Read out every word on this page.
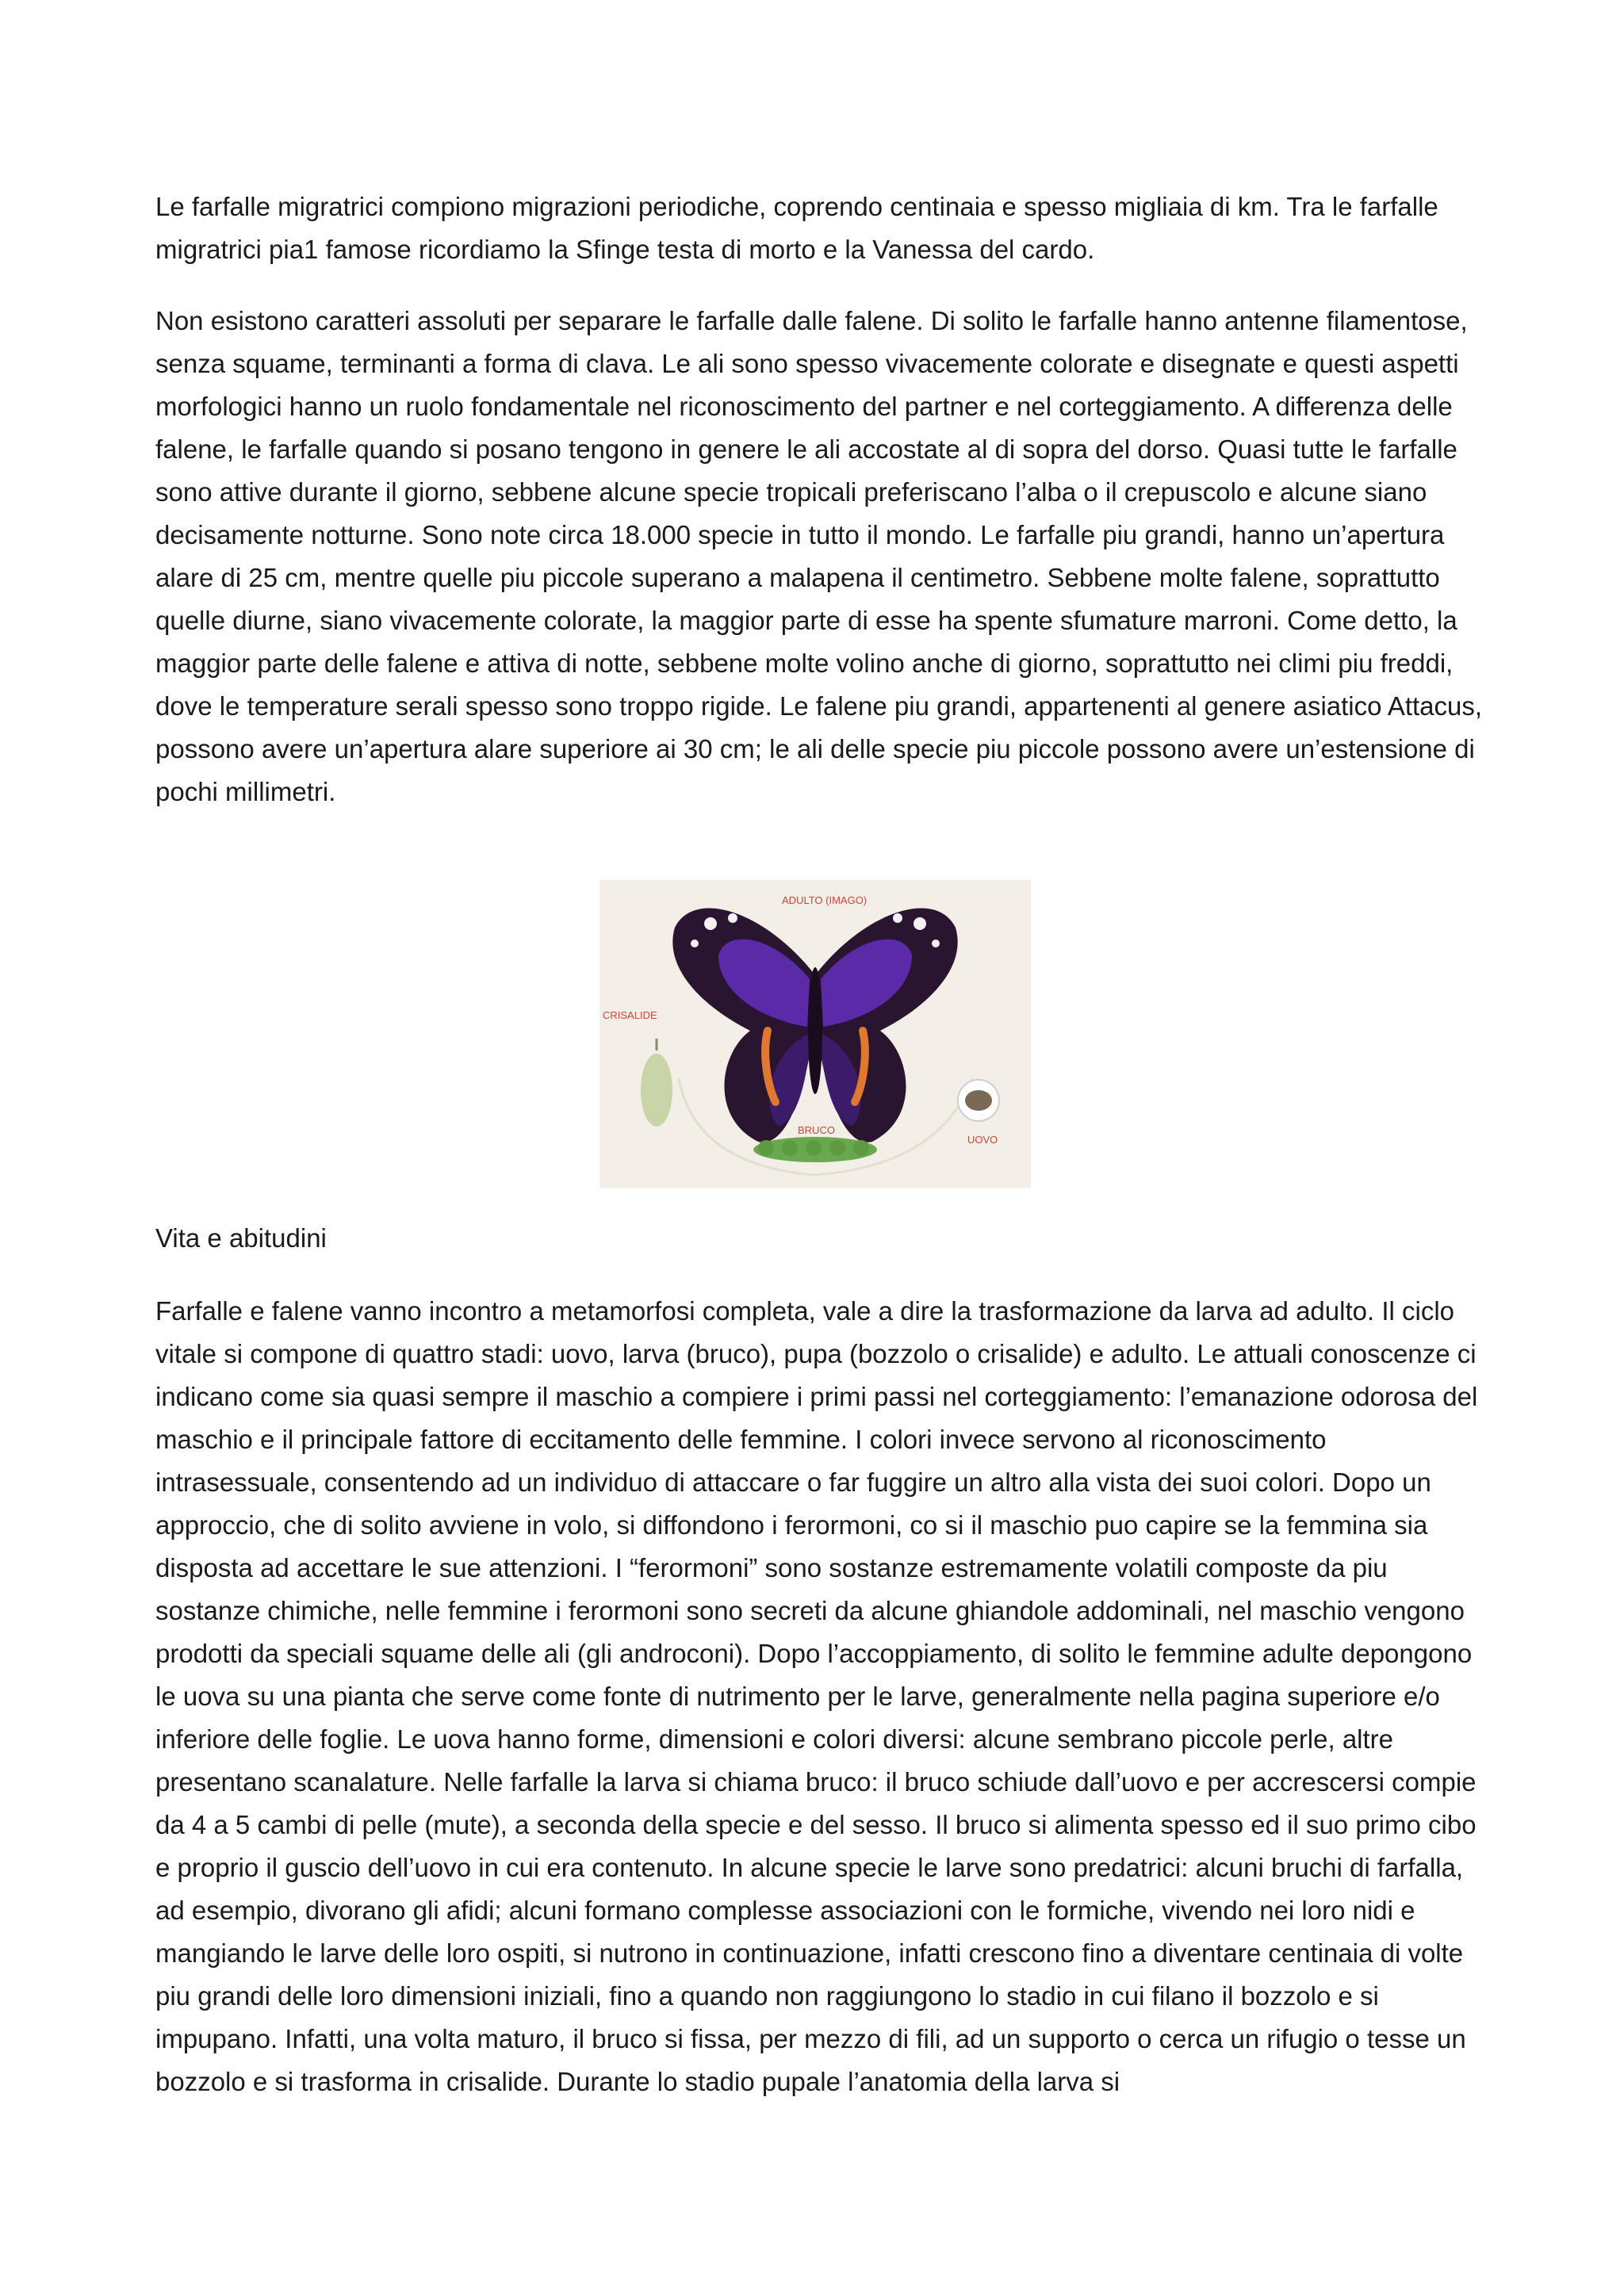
Le farfalle migratrici compiono migrazioni periodiche, coprendo centinaia e spesso migliaia di km. Tra le farfalle migratrici pia1 famose ricordiamo la Sfinge testa di morto e la Vanessa del cardo.

Non esistono caratteri assoluti per separare le farfalle dalle falene. Di solito le farfalle hanno antenne filamentose, senza squame, terminanti a forma di clava. Le ali sono spesso vivacemente colorate e disegnate e questi aspetti morfologici hanno un ruolo fondamentale nel riconoscimento del partner e nel corteggiamento. A differenza delle falene, le farfalle quando si posano tengono in genere le ali accostate al di sopra del dorso. Quasi tutte le farfalle sono attive durante il giorno, sebbene alcune specie tropicali preferiscano l’alba o il crepuscolo e alcune siano decisamente notturne. Sono note circa 18.000 specie in tutto il mondo. Le farfalle piu grandi, hanno un’apertura alare di 25 cm, mentre quelle piu piccole superano a malapena il centimetro. Sebbene molte falene, soprattutto quelle diurne, siano vivacemente colorate, la maggior parte di esse ha spente sfumature marroni. Come detto, la maggior parte delle falene e attiva di notte, sebbene molte volino anche di giorno, soprattutto nei climi piu freddi, dove le temperature serali spesso sono troppo rigide. Le falene piu grandi, appartenenti al genere asiatico Attacus, possono avere un’apertura alare superiore ai 30 cm; le ali delle specie piu piccole possono avere un’estensione di pochi millimetri.

ADULTO (IMAGO)
CRISALIDE
BRUCO
UOVO
Vita e abitudini

Farfalle e falene vanno incontro a metamorfosi completa, vale a dire la trasformazione da larva ad adulto. Il ciclo vitale si compone di quattro stadi: uovo, larva (bruco), pupa (bozzolo o crisalide) e adulto. Le attuali conoscenze ci indicano come sia quasi sempre il maschio a compiere i primi passi nel corteggiamento: l’emanazione odorosa del maschio e il principale fattore di eccitamento delle femmine. I colori invece servono al riconoscimento intrasessuale, consentendo ad un individuo di attaccare o far fuggire un altro alla vista dei suoi colori. Dopo un approccio, che di solito avviene in volo, si diffondono i ferormoni, co si il maschio puo capire se la femmina sia disposta ad accettare le sue attenzioni. I “ferormoni” sono sostanze estremamente volatili composte da piu sostanze chimiche, nelle femmine i ferormoni sono secreti da alcune ghiandole addominali, nel maschio vengono prodotti da speciali squame delle ali (gli androconi). Dopo l’accoppiamento, di solito le femmine adulte depongono le uova su una pianta che serve come fonte di nutrimento per le larve, generalmente nella pagina superiore e/o inferiore delle foglie. Le uova hanno forme, dimensioni e colori diversi: alcune sembrano piccole perle, altre presentano scanalature. Nelle farfalle la larva si chiama bruco: il bruco schiude dall’uovo e per accrescersi compie da 4 a 5 cambi di pelle (mute), a seconda della specie e del sesso. Il bruco si alimenta spesso ed il suo primo cibo e proprio il guscio dell’uovo in cui era contenuto. In alcune specie le larve sono predatrici: alcuni bruchi di farfalla, ad esempio, divorano gli afidi; alcuni formano complesse associazioni con le formiche, vivendo nei loro nidi e mangiando le larve delle loro ospiti, si nutrono in continuazione, infatti crescono fino a diventare centinaia di volte piu grandi delle loro dimensioni iniziali, fino a quando non raggiungono lo stadio in cui filano il bozzolo e si impupano. Infatti, una volta maturo, il bruco si fissa, per mezzo di fili, ad un supporto o cerca un rifugio o tesse un bozzolo e si trasforma in crisalide. Durante lo stadio pupale l’anatomia della larva si
